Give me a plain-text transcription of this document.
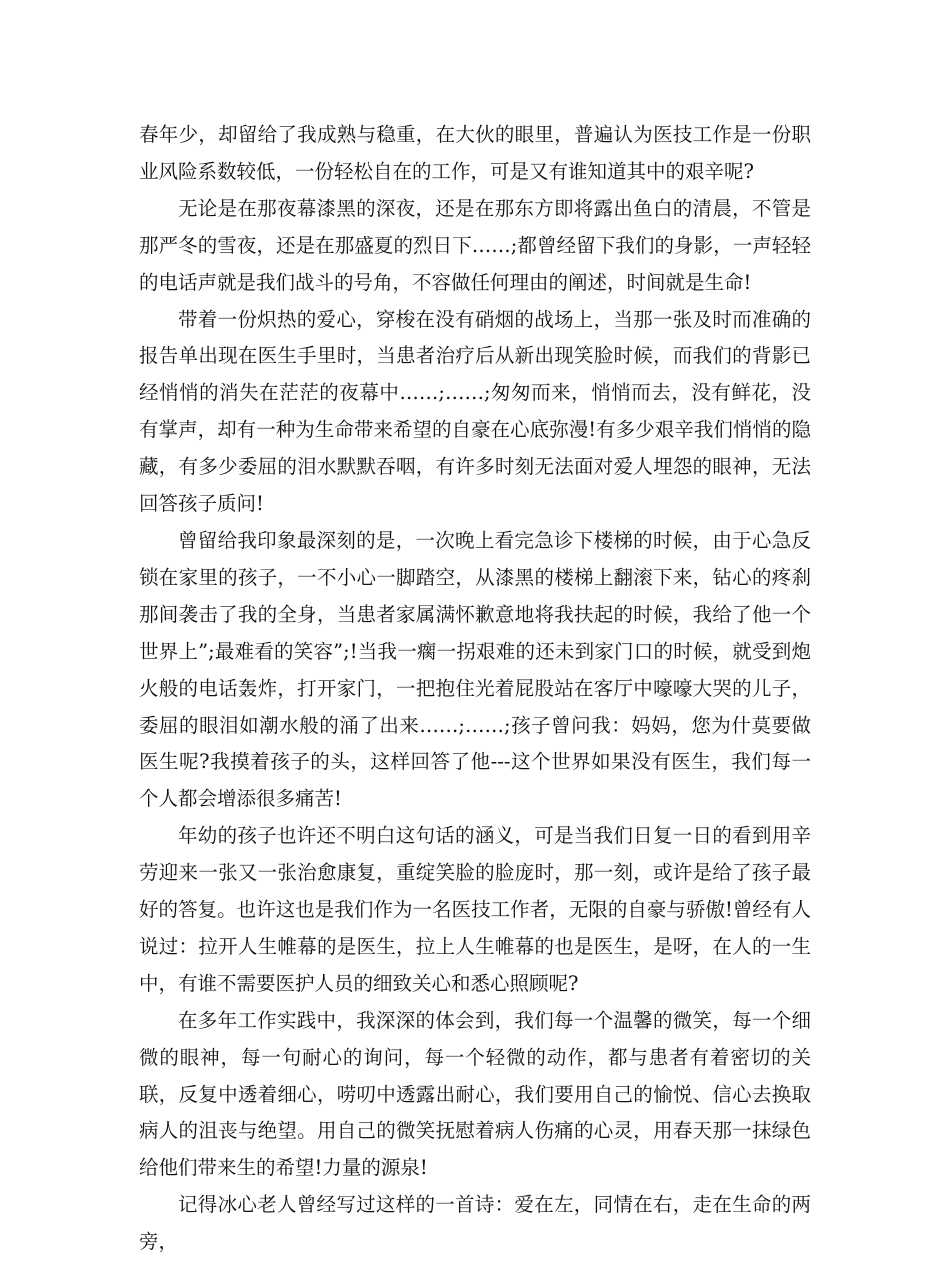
春年少，却留给了我成熟与稳重，在大伙的眼里，普遍认为医技工作是一份职业风险系数较低，一份轻松自在的工作，可是又有谁知道其中的艰辛呢?

无论是在那夜幕漆黑的深夜，还是在那东方即将露出鱼白的清晨，不管是那严冬的雪夜，还是在那盛夏的烈日下……;都曾经留下我们的身影，一声轻轻的电话声就是我们战斗的号角，不容做任何理由的阐述，时间就是生命!

带着一份炽热的爱心，穿梭在没有硝烟的战场上，当那一张及时而准确的报告单出现在医生手里时，当患者治疗后从新出现笑脸时候，而我们的背影已经悄悄的消失在茫茫的夜幕中……;……;匆匆而来，悄悄而去，没有鲜花，没有掌声，却有一种为生命带来希望的自豪在心底弥漫!有多少艰辛我们悄悄的隐藏，有多少委屈的泪水默默吞咽，有许多时刻无法面对爱人埋怨的眼神，无法回答孩子质问!

曾留给我印象最深刻的是，一次晚上看完急诊下楼梯的时候，由于心急反锁在家里的孩子，一不小心一脚踏空，从漆黑的楼梯上翻滚下来，钻心的疼刹那间袭击了我的全身，当患者家属满怀歉意地将我扶起的时候，我给了他一个世界上”;最难看的笑容”;!当我一瘸一拐艰难的还未到家门口的时候，就受到炮火般的电话轰炸，打开家门，一把抱住光着屁股站在客厅中嚎嚎大哭的儿子，委屈的眼泪如潮水般的涌了出来……;……;孩子曾问我：妈妈，您为什莫要做医生呢?我摸着孩子的头，这样回答了他---这个世界如果没有医生，我们每一个人都会增添很多痛苦!

年幼的孩子也许还不明白这句话的涵义，可是当我们日复一日的看到用辛劳迎来一张又一张治愈康复，重绽笑脸的脸庞时，那一刻，或许是给了孩子最好的答复。也许这也是我们作为一名医技工作者，无限的自豪与骄傲!曾经有人说过：拉开人生帷幕的是医生，拉上人生帷幕的也是医生，是呀，在人的一生中，有谁不需要医护人员的细致关心和悉心照顾呢?

在多年工作实践中，我深深的体会到，我们每一个温馨的微笑，每一个细微的眼神，每一句耐心的询问，每一个轻微的动作，都与患者有着密切的关联，反复中透着细心，唠叨中透露出耐心，我们要用自己的愉悦、信心去换取病人的沮丧与绝望。用自己的微笑抚慰着病人伤痛的心灵，用春天那一抹绿色给他们带来生的希望!力量的源泉!

记得冰心老人曾经写过这样的一首诗：爱在左，同情在右，走在生命的两旁，
